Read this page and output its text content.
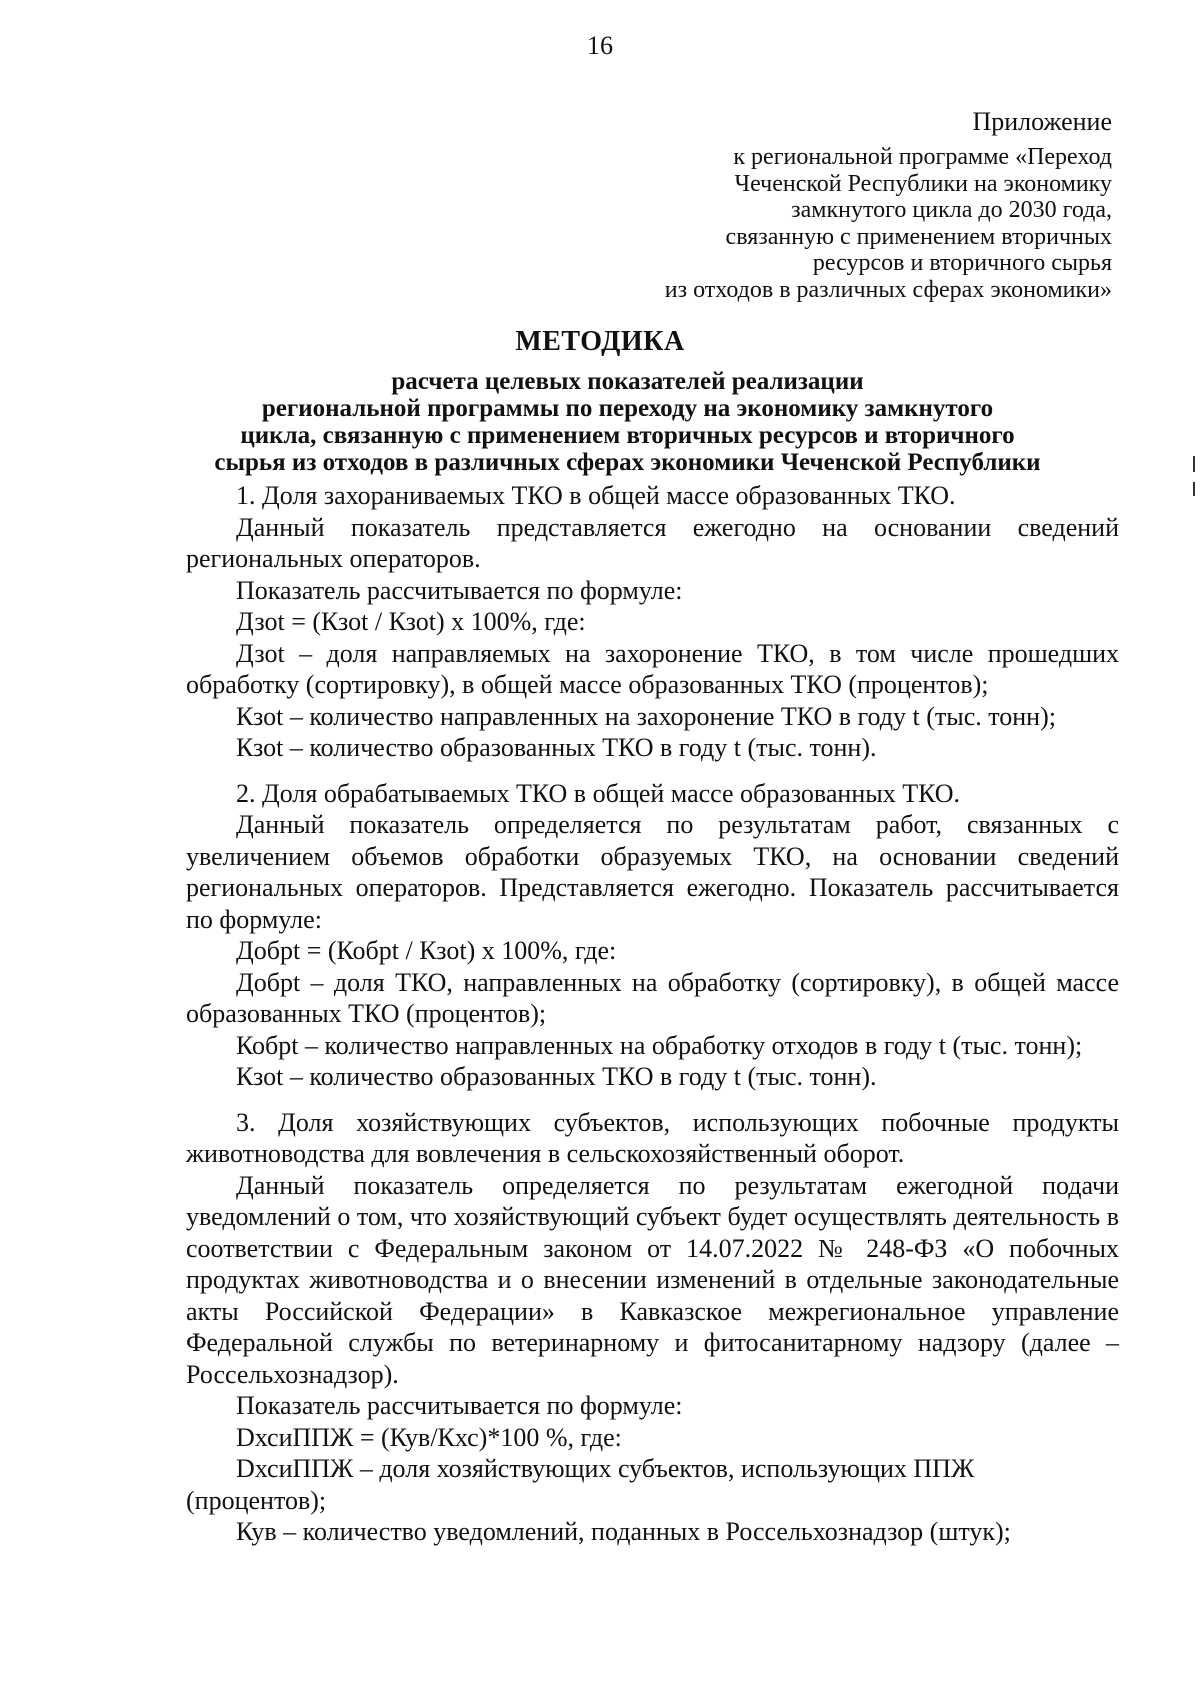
16
Приложение
к региональной программе «Переход
Чеченской Республики на экономику
замкнутого цикла до 2030 года,
связанную с применением вторичных
ресурсов и вторичного сырья
из отходов в различных сферах экономики»
МЕТОДИКА
расчета целевых показателей реализации
региональной программы по переходу на экономику замкнутого
цикла, связанную с применением вторичных ресурсов и вторичного
сырья из отходов в различных сферах экономики Чеченской Республики

1. Доля захораниваемых ТКО в общей массе образованных ТКО.

Данный показатель представляется ежегодно на основании сведений региональных операторов.

Показатель рассчитывается по формуле:

Дзоt = (Кзоt / Кзоt) х 100%, где:

Дзоt – доля направляемых на захоронение ТКО, в том числе прошедших обработку (сортировку), в общей массе образованных ТКО (процентов);

Кзоt – количество направленных на захоронение ТКО в году t (тыс. тонн);

Кзоt – количество образованных ТКО в году t (тыс. тонн).

2. Доля обрабатываемых ТКО в общей массе образованных ТКО.

Данный показатель определяется по результатам работ, связанных с увеличением объемов обработки образуемых ТКО, на основании сведений региональных операторов. Представляется ежегодно. Показатель рассчитывается по формуле:

Добрt = (Кобрt / Кзоt) х 100%, где:

Добрt – доля ТКО, направленных на обработку (сортировку), в общей массе образованных ТКО (процентов);

Кобрt – количество направленных на обработку отходов в году t (тыс. тонн);

Кзоt – количество образованных ТКО в году t (тыс. тонн).

3. Доля хозяйствующих субъектов, использующих побочные продукты животноводства для вовлечения в сельскохозяйственный оборот.

Данный показатель определяется по результатам ежегодной подачи уведомлений о том, что хозяйствующий субъект будет осуществлять деятельность в соответствии с Федеральным законом от 14.07.2022 № 248-ФЗ «О побочных продуктах животноводства и о внесении изменений в отдельные законодательные акты Российской Федерации» в Кавказское межрегиональное управление Федеральной службы по ветеринарному и фитосанитарному надзору (далее – Россельхознадзор).

Показатель рассчитывается по формуле:

DхсиППЖ = (Кув/Кхс)*100 %, где:

DхсиППЖ – доля хозяйствующих субъектов, использующих ППЖ (процентов);

Кув – количество уведомлений, поданных в Россельхознадзор (штук);
